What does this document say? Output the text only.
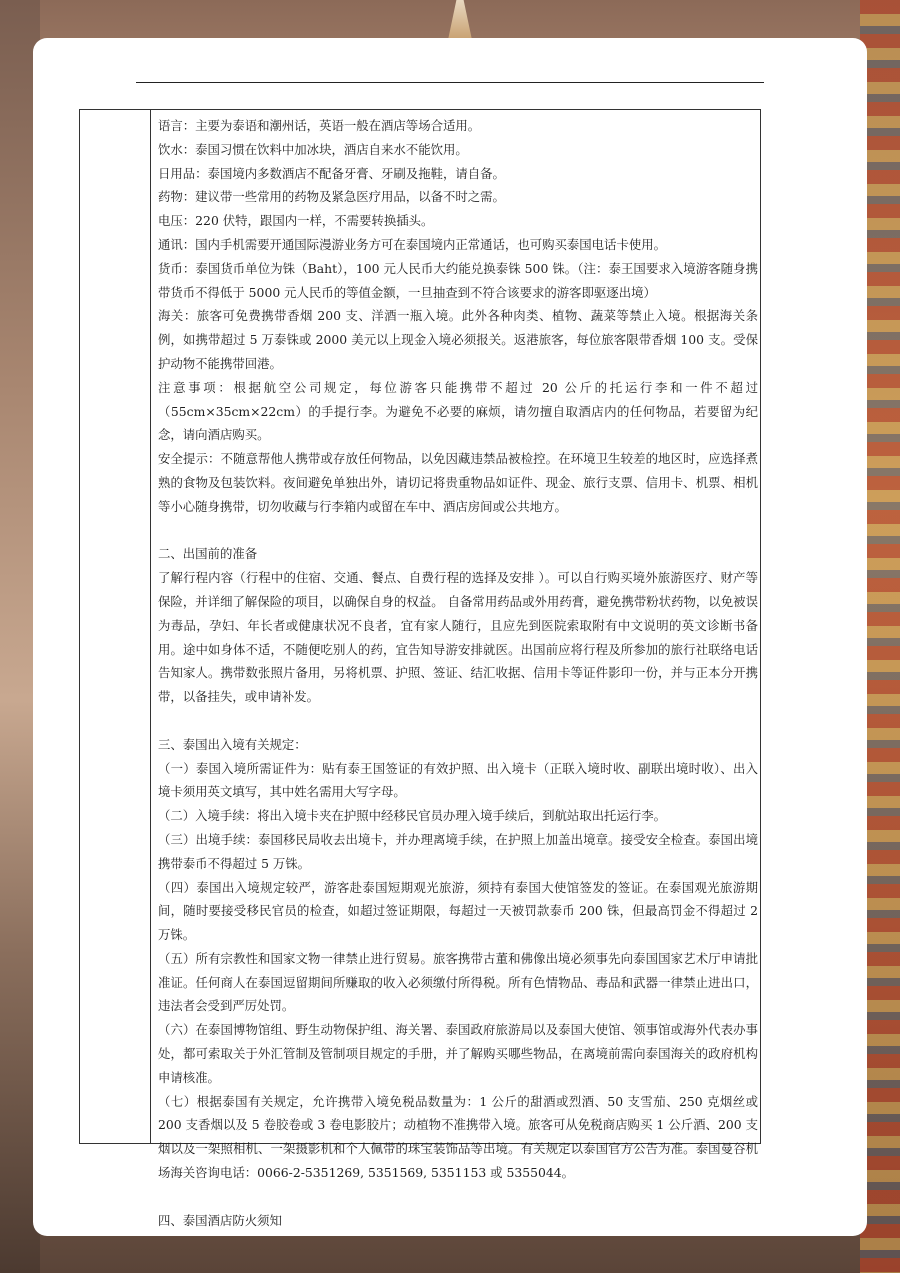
语言：主要为泰语和潮州话，英语一般在酒店等场合适用。

饮水：泰国习惯在饮料中加冰块，酒店自来水不能饮用。

日用品：泰国境内多数酒店不配备牙膏、牙刷及拖鞋，请自备。

药物：建议带一些常用的药物及紧急医疗用品，以备不时之需。

电压：220 伏特，跟国内一样，不需要转换插头。

通讯：国内手机需要开通国际漫游业务方可在泰国境内正常通话，也可购买泰国电话卡使用。

货币：泰国货币单位为铢（Baht），100 元人民币大约能兑换泰铢 500 铢。（注：泰王国要求入境游客随身携带货币不得低于 5000 元人民币的等值金额，一旦抽查到不符合该要求的游客即驱逐出境）

海关：旅客可免费携带香烟 200 支、洋酒一瓶入境。此外各种肉类、植物、蔬菜等禁止入境。根据海关条例，如携带超过 5 万泰铢或 2000 美元以上现金入境必须报关。返港旅客，每位旅客限带香烟 100 支。受保护动物不能携带回港。

注意事项：根据航空公司规定，每位游客只能携带不超过 20 公斤的托运行李和一件不超过（55cm×35cm×22cm）的手提行李。为避免不必要的麻烦，请勿擅自取酒店内的任何物品，若要留为纪念，请向酒店购买。

安全提示：不随意帮他人携带或存放任何物品，以免因藏违禁品被检控。在环境卫生较差的地区时，应选择煮熟的食物及包装饮料。夜间避免单独出外，请切记将贵重物品如证件、现金、旅行支票、信用卡、机票、相机等小心随身携带，切勿收藏与行李箱内或留在车中、酒店房间或公共地方。

二、出国前的准备

了解行程内容（行程中的住宿、交通、餐点、自费行程的选择及安排 ）。可以自行购买境外旅游医疗、财产等保险，并详细了解保险的项目，以确保自身的权益。 自备常用药品或外用药膏，避免携带粉状药物，以免被误为毒品，孕妇、年长者或健康状况不良者，宜有家人随行，且应先到医院索取附有中文说明的英文诊断书备用。途中如身体不适，不随便吃别人的药，宜告知导游安排就医。出国前应将行程及所参加的旅行社联络电话告知家人。携带数张照片备用，另将机票、护照、签证、结汇收据、信用卡等证件影印一份，并与正本分开携带，以备挂失，或申请补发。

三、泰国出入境有关规定：

（一）泰国入境所需证件为：贴有泰王国签证的有效护照、出入境卡（正联入境时收、副联出境时收）、出入境卡须用英文填写，其中姓名需用大写字母。

（二）入境手续：将出入境卡夹在护照中经移民官员办理入境手续后，到航站取出托运行李。

（三）出境手续：泰国移民局收去出境卡，并办理离境手续，在护照上加盖出境章。接受安全检查。泰国出境携带泰币不得超过 5 万铢。

（四）泰国出入境规定较严，游客赴泰国短期观光旅游，须持有泰国大使馆签发的签证。在泰国观光旅游期间，随时要接受移民官员的检查，如超过签证期限，每超过一天被罚款泰币 200 铢，但最高罚金不得超过 2 万铢。

（五）所有宗教性和国家文物一律禁止进行贸易。旅客携带古董和佛像出境必须事先向泰国国家艺术厅申请批准证。任何商人在泰国逗留期间所赚取的收入必须缴付所得税。所有色情物品、毒品和武器一律禁止进出口，违法者会受到严厉处罚。

（六）在泰国博物馆组、野生动物保护组、海关署、泰国政府旅游局以及泰国大使馆、领事馆或海外代表办事处，都可索取关于外汇管制及管制项目规定的手册，并了解购买哪些物品，在离境前需向泰国海关的政府机构申请核准。

（七）根据泰国有关规定，允许携带入境免税品数量为：1 公斤的甜酒或烈酒、50 支雪茄、250 克烟丝或 200 支香烟以及 5 卷胶卷或 3 卷电影胶片；动植物不准携带入境。旅客可从免税商店购买 1 公斤酒、200 支烟以及一架照相机、一架摄影机和个人佩带的珠宝装饰品等出境。有关规定以泰国官方公告为准。泰国曼谷机场海关咨询电话：0066-2-5351269, 5351569, 5351153 或 5355044。

四、泰国酒店防火须知
